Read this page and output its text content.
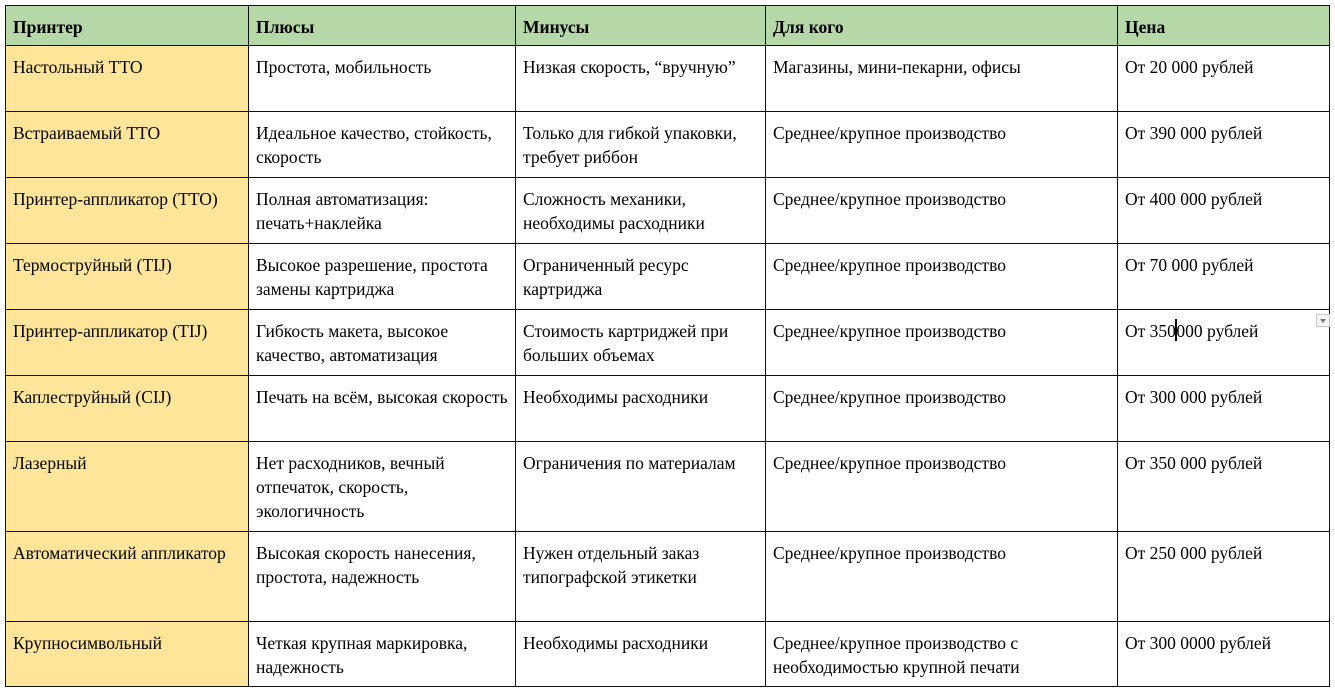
Принтер	Плюсы	Минусы	Для кого	Цена
Настольный ТТО	Простота, мобильность	Низкая скорость, “вручную”	Магазины, мини-пекарни, офисы	От 20 000 рублей
Встраиваемый ТТО	Идеальное качество, стойкость, скорость	Только для гибкой упаковки, требует риббон	Среднее/крупное производство	От 390 000 рублей
Принтер-аппликатор (ТТО)	Полная автоматизация: печать+наклейка	Сложность механики, необходимы расходники	Среднее/крупное производство	От 400 000 рублей
Термоструйный (TIJ)	Высокое разрешение, простота замены картриджа	Ограниченный ресурс картриджа	Среднее/крупное производство	От 70 000 рублей
Принтер-аппликатор (TIJ)	Гибкость макета, высокое качество, автоматизация	Стоимость картриджей при больших объемах	Среднее/крупное производство	От 350000 рублей

Каплеструйный (CIJ)	Печать на всём, высокая скорость	Необходимы расходники	Среднее/крупное производство	От 300 000 рублей
Лазерный	Нет расходников, вечный отпечаток, скорость, экологичность	Ограничения по материалам	Среднее/крупное производство	От 350 000 рублей
Автоматический аппликатор	Высокая скорость нанесения, простота, надежность	Нужен отдельный заказ типографской этикетки	Среднее/крупное производство	От 250 000 рублей
Крупносимвольный	Четкая крупная маркировка, надежность	Необходимы расходники	Среднее/крупное производство с необходимостью крупной печати	От 300 0000 рублей
